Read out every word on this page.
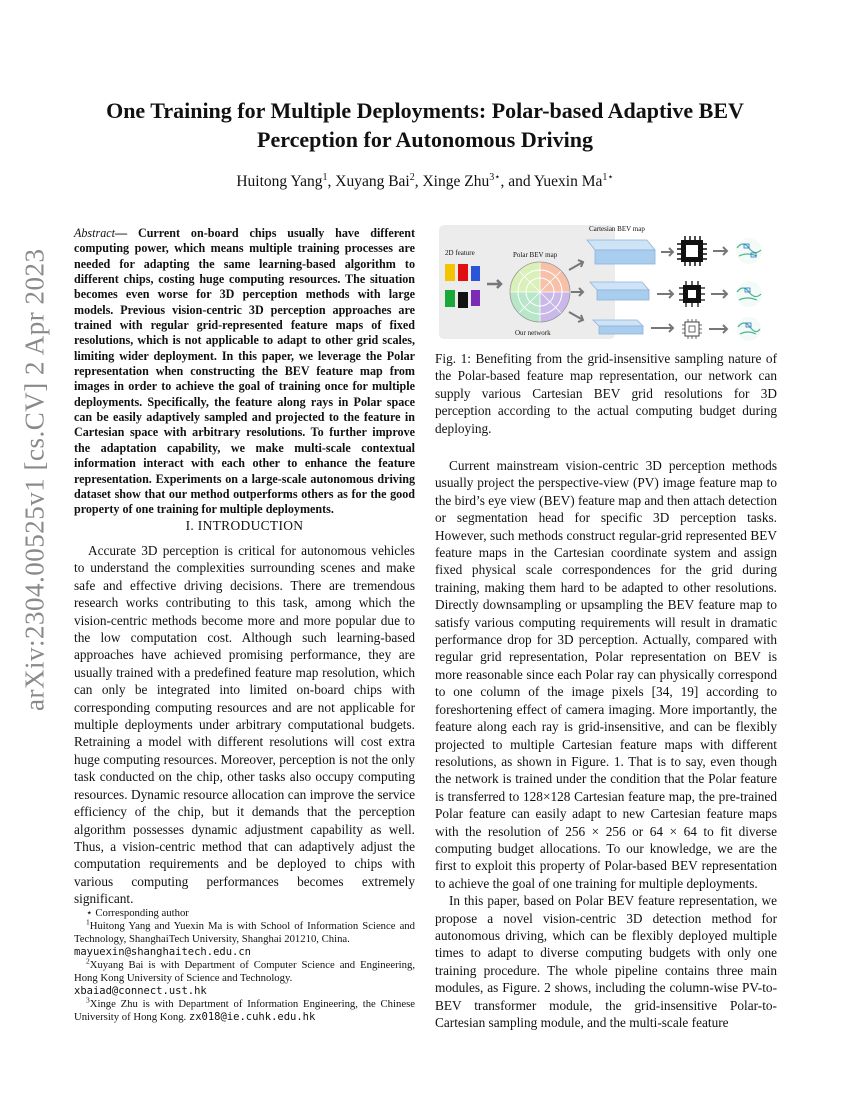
arXiv:2304.00525v1 [cs.CV] 2 Apr 2023
One Training for Multiple Deployments: Polar-based Adaptive BEV
Perception for Autonomous Driving
Huitong Yang$^1$, Xuyang Bai$^2$, Xinge Zhu$^{3⋆}$, and Yuexin $Ma^{1⋆}$
Abstract— Current on-board chips usually have different computing power, which means multiple training processes are needed for adapting the same learning-based algorithm to different chips, costing huge computing resources. The situation becomes even worse for 3D perception methods with large models. Previous vision-centric 3D perception approaches are trained with regular grid-represented feature maps of fixed resolutions, which is not applicable to adapt to other grid scales, limiting wider deployment. In this paper, we leverage the Polar representation when constructing the BEV feature map from images in order to achieve the goal of training once for multiple deployments. Specifically, the feature along rays in Polar space can be easily adaptively sampled and projected to the feature in Cartesian space with arbitrary resolutions. To further improve the adaptation capability, we make multi-scale contextual information interact with each other to enhance the feature representation. Experiments on a large-scale autonomous driving dataset show that our method outperforms others as for the good property of one training for multiple deployments.
I. INTRODUCTION

Accurate 3D perception is critical for autonomous vehicles to understand the complexities surrounding scenes and make safe and effective driving decisions. There are tremendous research works contributing to this task, among which the vision-centric methods become more and more popular due to the low computation cost. Although such learning-based approaches have achieved promising performance, they are usually trained with a predefined feature map resolution, which can only be integrated into limited on-board chips with corresponding computing resources and are not applicable for multiple deployments under arbitrary computational budgets. Retraining a model with different resolutions will cost extra huge computing resources. Moreover, perception is not the only task conducted on the chip, other tasks also occupy computing resources. Dynamic resource allocation can improve the service efficiency of the chip, but it demands that the perception algorithm possesses dynamic adjustment capability as well. Thus, a vision-centric method that can adaptively adjust the computation requirements and be deployed to chips with various computing performances becomes extremely significant.

⋆ Corresponding author

$^1$Huitong Yang and Yuexin Ma is with School of Information Science and Technology, ShanghaiTech University, Shanghai 201210, China.
mayuexin@shanghaitech.edu.cn

$^2$Xuyang Bai is with Department of Computer Science and Engineering, Hong Kong University of Science and Technology.
xbaiad@connect.ust.hk

$^3$Xinge Zhu is with Department of Information Engineering, the Chinese University of Hong Kong. zx018@ie.cuhk.edu.hk

2D feature	Polar BEV map
Our network
Cartesian BEV map
Fig. 1: Benefiting from the grid-insensitive sampling nature of the Polar-based feature map representation, our network can supply various Cartesian BEV grid resolutions for 3D perception according to the actual computing budget during deploying.

Current mainstream vision-centric 3D perception methods usually project the perspective-view (PV) image feature map to the bird’s eye view (BEV) feature map and then attach detection or segmentation head for specific 3D perception tasks. However, such methods construct regular-grid represented BEV feature maps in the Cartesian coordinate system and assign fixed physical scale correspondences for the grid during training, making them hard to be adapted to other resolutions. Directly downsampling or upsampling the BEV feature map to satisfy various computing requirements will result in dramatic performance drop for 3D perception. Actually, compared with regular grid representation, Polar representation on BEV is more reasonable since each Polar ray can physically correspond to one column of the image pixels [34, 19] according to foreshortening effect of camera imaging. More importantly, the feature along each ray is grid-insensitive, and can be flexibly projected to multiple Cartesian feature maps with different resolutions, as shown in Figure. 1. That is to say, even though the network is trained under the condition that the Polar feature is transferred to 128×128 Cartesian feature map, the pre-trained Polar feature can easily adapt to new Cartesian feature maps with the resolution of 256 × 256 or 64 × 64 to fit diverse computing budget allocations. To our knowledge, we are the first to exploit this property of Polar-based BEV representation to achieve the goal of one training for multiple deployments.

In this paper, based on Polar BEV feature representation, we propose a novel vision-centric 3D detection method for autonomous driving, which can be flexibly deployed multiple times to adapt to diverse computing budgets with only one training procedure. The whole pipeline contains three main modules, as Figure. 2 shows, including the column-wise PV-to-BEV transformer module, the grid-insensitive Polar-to-Cartesian sampling module, and the multi-scale feature
